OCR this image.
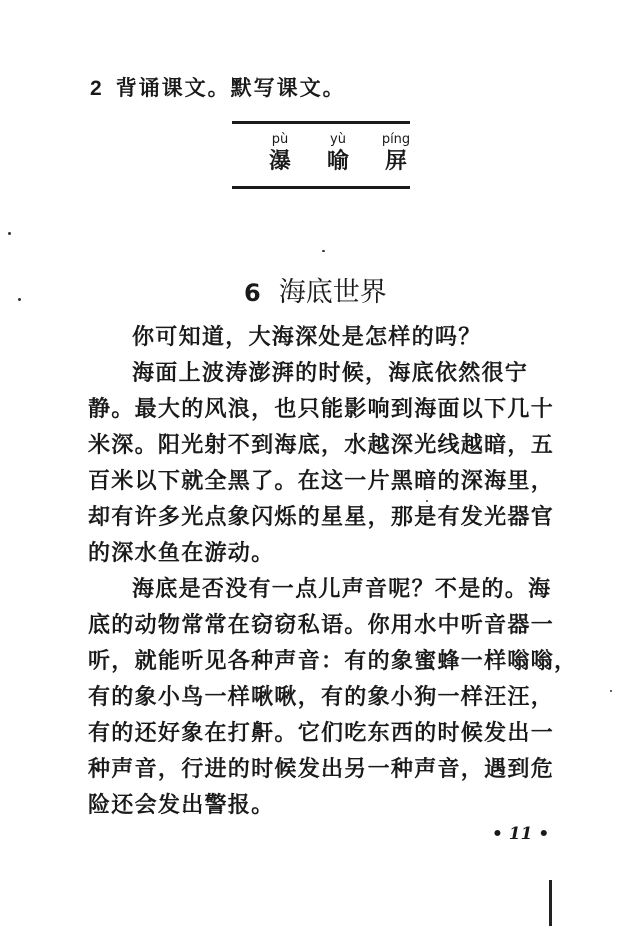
2 背诵课文。默写课文。
pù
瀑
yù
喻
píng
屏
6 海底世界
你可知道，大海深处是怎样的吗？
海面上波涛澎湃的时候，海底依然很宁
静。最大的风浪，也只能影响到海面以下几十
米深。阳光射不到海底，水越深光线越暗，五
百米以下就全黑了。在这一片黑暗的深海里，
却有许多光点象闪烁的星星，那是有发光器官
的深水鱼在游动。
海底是否没有一点儿声音呢？不是的。海
底的动物常常在窃窃私语。你用水中听音器一
听，就能听见各种声音：有的象蜜蜂一样嗡嗡，
有的象小鸟一样啾啾，有的象小狗一样汪汪，
有的还好象在打鼾。它们吃东西的时候发出一
种声音，行进的时候发出另一种声音，遇到危
险还会发出警报。
• 11 •
